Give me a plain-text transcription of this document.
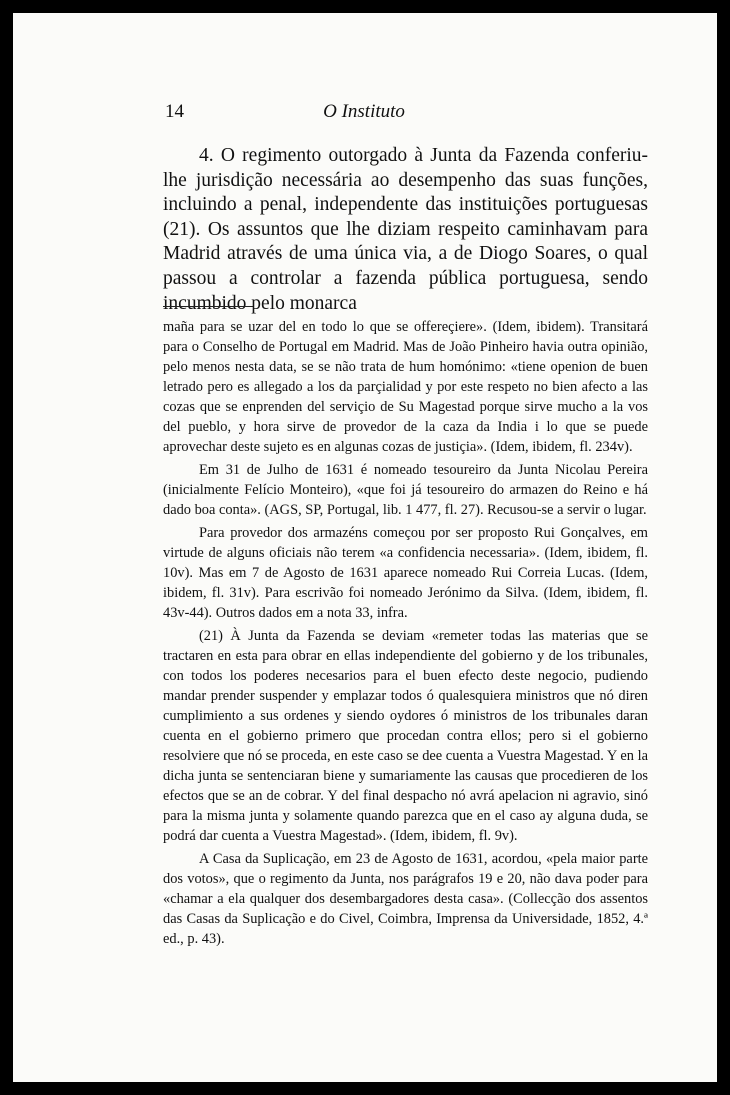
14	O Instituto

4. O regimento outorgado à Junta da Fazenda conferiu-lhe jurisdição necessária ao desempenho das suas funções, incluindo a penal, independente das instituições portuguesas (21). Os assuntos que lhe diziam respeito caminhavam para Madrid através de uma única via, a de Diogo Soares, o qual passou a controlar a fazenda pública portuguesa, sendo incumbido pelo monarca

maña para se uzar del en todo lo que se offereçiere». (Idem, ibidem). Transitará para o Conselho de Portugal em Madrid. Mas de João Pinheiro havia outra opinião, pelo menos nesta data, se se não trata de hum homónimo: «tiene openion de buen letrado pero es allegado a los da parçialidad y por este respeto no bien afecto a las cozas que se enprenden del serviçio de Su Magestad porque sirve mucho a la vos del pueblo, y hora sirve de provedor de la caza da India i lo que se puede aprovechar deste sujeto es en algunas cozas de justiçia». (Idem, ibidem, fl. 234v).

Em 31 de Julho de 1631 é nomeado tesoureiro da Junta Nicolau Pereira (inicialmente Felício Monteiro), «que foi já tesoureiro do armazen do Reino e há dado boa conta». (AGS, SP, Portugal, lib. 1 477, fl. 27). Recusou-se a servir o lugar.

Para provedor dos armazéns começou por ser proposto Rui Gonçalves, em virtude de alguns oficiais não terem «a confidencia necessaria». (Idem, ibidem, fl. 10v). Mas em 7 de Agosto de 1631 aparece nomeado Rui Correia Lucas. (Idem, ibidem, fl. 31v). Para escrivão foi nomeado Jerónimo da Silva. (Idem, ibidem, fl. 43v-44). Outros dados em a nota 33, infra.

(21) À Junta da Fazenda se deviam «remeter todas las materias que se tractaren en esta para obrar en ellas independiente del gobierno y de los tribunales, con todos los poderes necesarios para el buen efecto deste negocio, pudiendo mandar prender suspender y emplazar todos ó qualesquiera ministros que nó diren cumplimiento a sus ordenes y siendo oydores ó ministros de los tribunales daran cuenta en el gobierno primero que procedan contra ellos; pero si el gobierno resolviere que nó se proceda, en este caso se dee cuenta a Vuestra Magestad. Y en la dicha junta se sentenciaran biene y sumariamente las causas que procedieren de los efectos que se an de cobrar. Y del final despacho nó avrá apelacion ni agravio, sinó para la misma junta y solamente quando parezca que en el caso ay alguna duda, se podrá dar cuenta a Vuestra Magestad». (Idem, ibidem, fl. 9v).

A Casa da Suplicação, em 23 de Agosto de 1631, acordou, «pela maior parte dos votos», que o regimento da Junta, nos parágrafos 19 e 20, não dava poder para «chamar a ela qualquer dos desembargadores desta casa». (Collecção dos assentos das Casas da Suplicação e do Civel, Coimbra, Imprensa da Universidade, 1852, 4.ª ed., p. 43).
